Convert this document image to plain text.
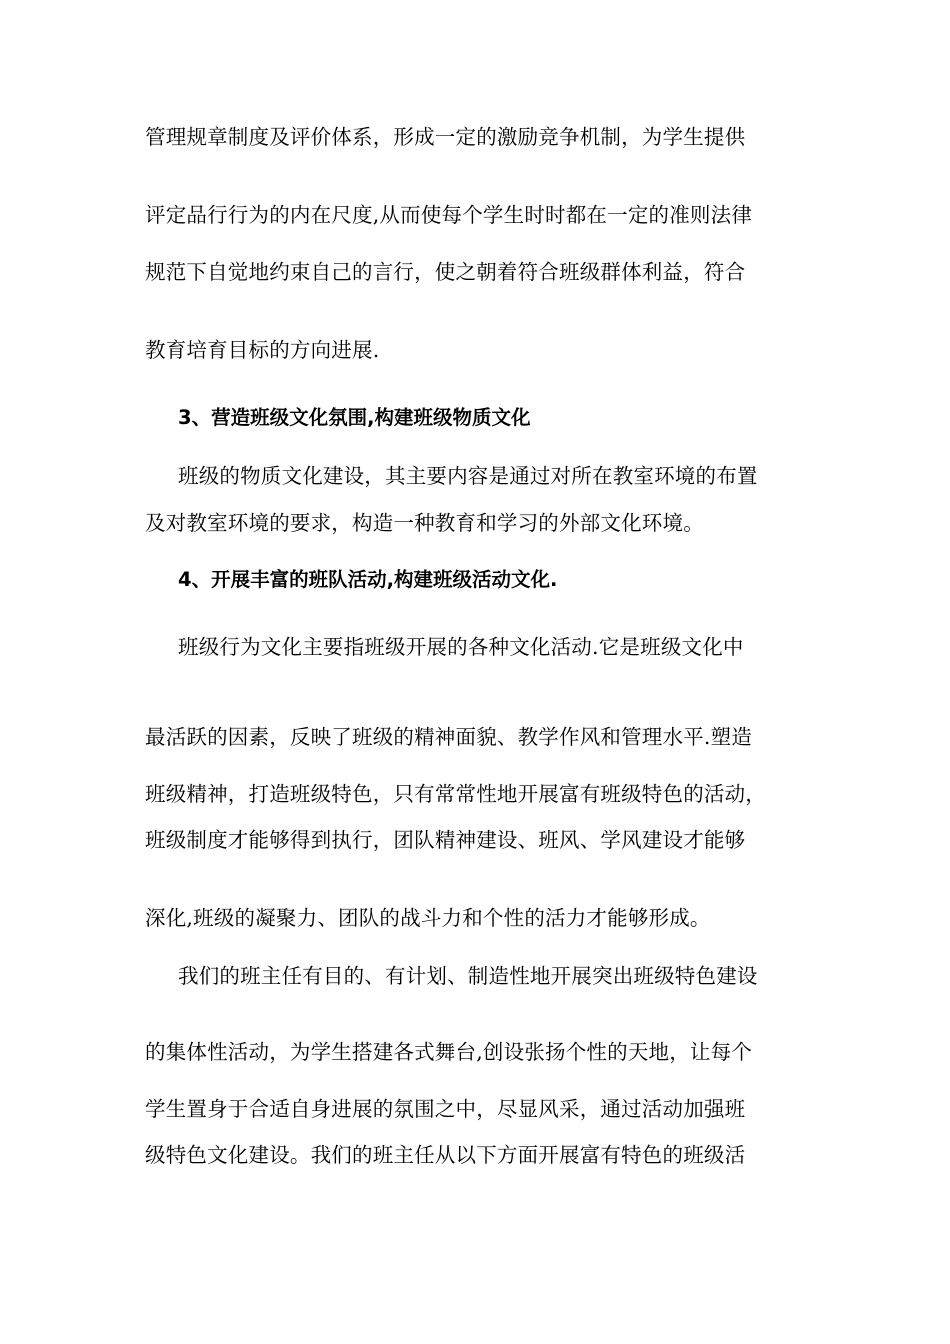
管理规章制度及评价体系，形成一定的激励竞争机制，为学生提供
评定品行行为的内在尺度,从而使每个学生时时都在一定的准则法律
规范下自觉地约束自己的言行，使之朝着符合班级群体利益，符合
教育培育目标的方向进展.
3、营造班级文化氛围,构建班级物质文化
班级的物质文化建设，其主要内容是通过对所在教室环境的布置
及对教室环境的要求，构造一种教育和学习的外部文化环境。
4、开展丰富的班队活动,构建班级活动文化.
班级行为文化主要指班级开展的各种文化活动.它是班级文化中
最活跃的因素，反映了班级的精神面貌、教学作风和管理水平.塑造
班级精神，打造班级特色，只有常常性地开展富有班级特色的活动，
班级制度才能够得到执行，团队精神建设、班风、学风建设才能够
深化,班级的凝聚力、团队的战斗力和个性的活力才能够形成。
我们的班主任有目的、有计划、制造性地开展突出班级特色建设
的集体性活动，为学生搭建各式舞台,创设张扬个性的天地，让每个
学生置身于合适自身进展的氛围之中，尽显风采，通过活动加强班
级特色文化建设。我们的班主任从以下方面开展富有特色的班级活
